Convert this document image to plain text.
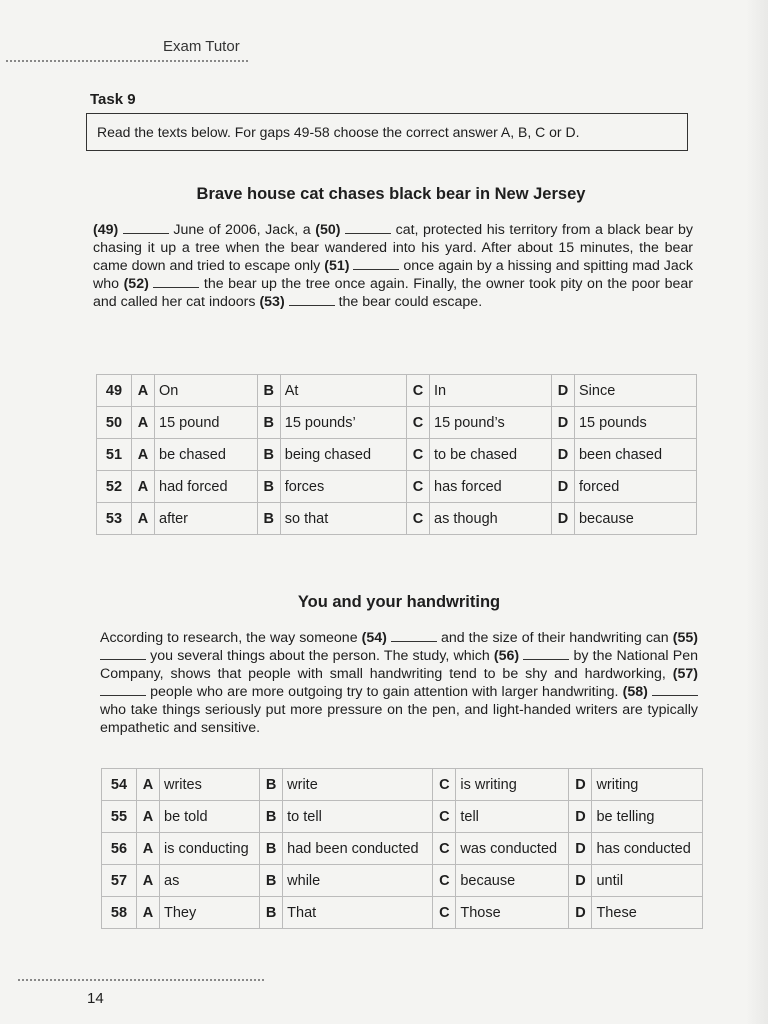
Exam Tutor
Task 9
Read the texts below. For gaps 49-58 choose the correct answer A, B, C or D.
Brave house cat chases black bear in New Jersey

(49)	June of 2006, Jack, a (50)	cat, protected his territory from a black bear by chasing it up a tree when the bear wandered into his yard. After about 15 minutes, the bear came down and tried to escape only (51)	once again by a hissing and spitting mad Jack who (52)	the bear up the tree once again. Finally, the owner took pity on the poor bear and called her cat indoors (53)	the bear could escape.

49	A	On	B	At	C	In	D	Since
50	A	15 pound	B	15 pounds’	C	15 pound’s	D	15 pounds
51	A	be chased	B	being chased	C	to be chased	D	been chased
52	A	had forced	B	forces	C	has forced	D	forced
53	A	after	B	so that	C	as though	D	because
You and your handwriting

According to research, the way someone (54)	and the size of their handwriting can (55)  you several things about the person. The study, which (56)	by the National Pen Company, shows that people with small handwriting tend to be shy and hardworking, (57)  people who are more outgoing try to gain attention with larger handwriting. (58)  who take things seriously put more pressure on the pen, and light-handed writers are typically empathetic and sensitive.

54	A	writes	B	write	C	is writing	D	writing
55	A	be told	B	to tell	C	tell	D	be telling
56	A	is conducting	B	had been conducted	C	was conducted	D	has conducted
57	A	as	B	while	C	because	D	until
58	A	They	B	That	C	Those	D	These
14
